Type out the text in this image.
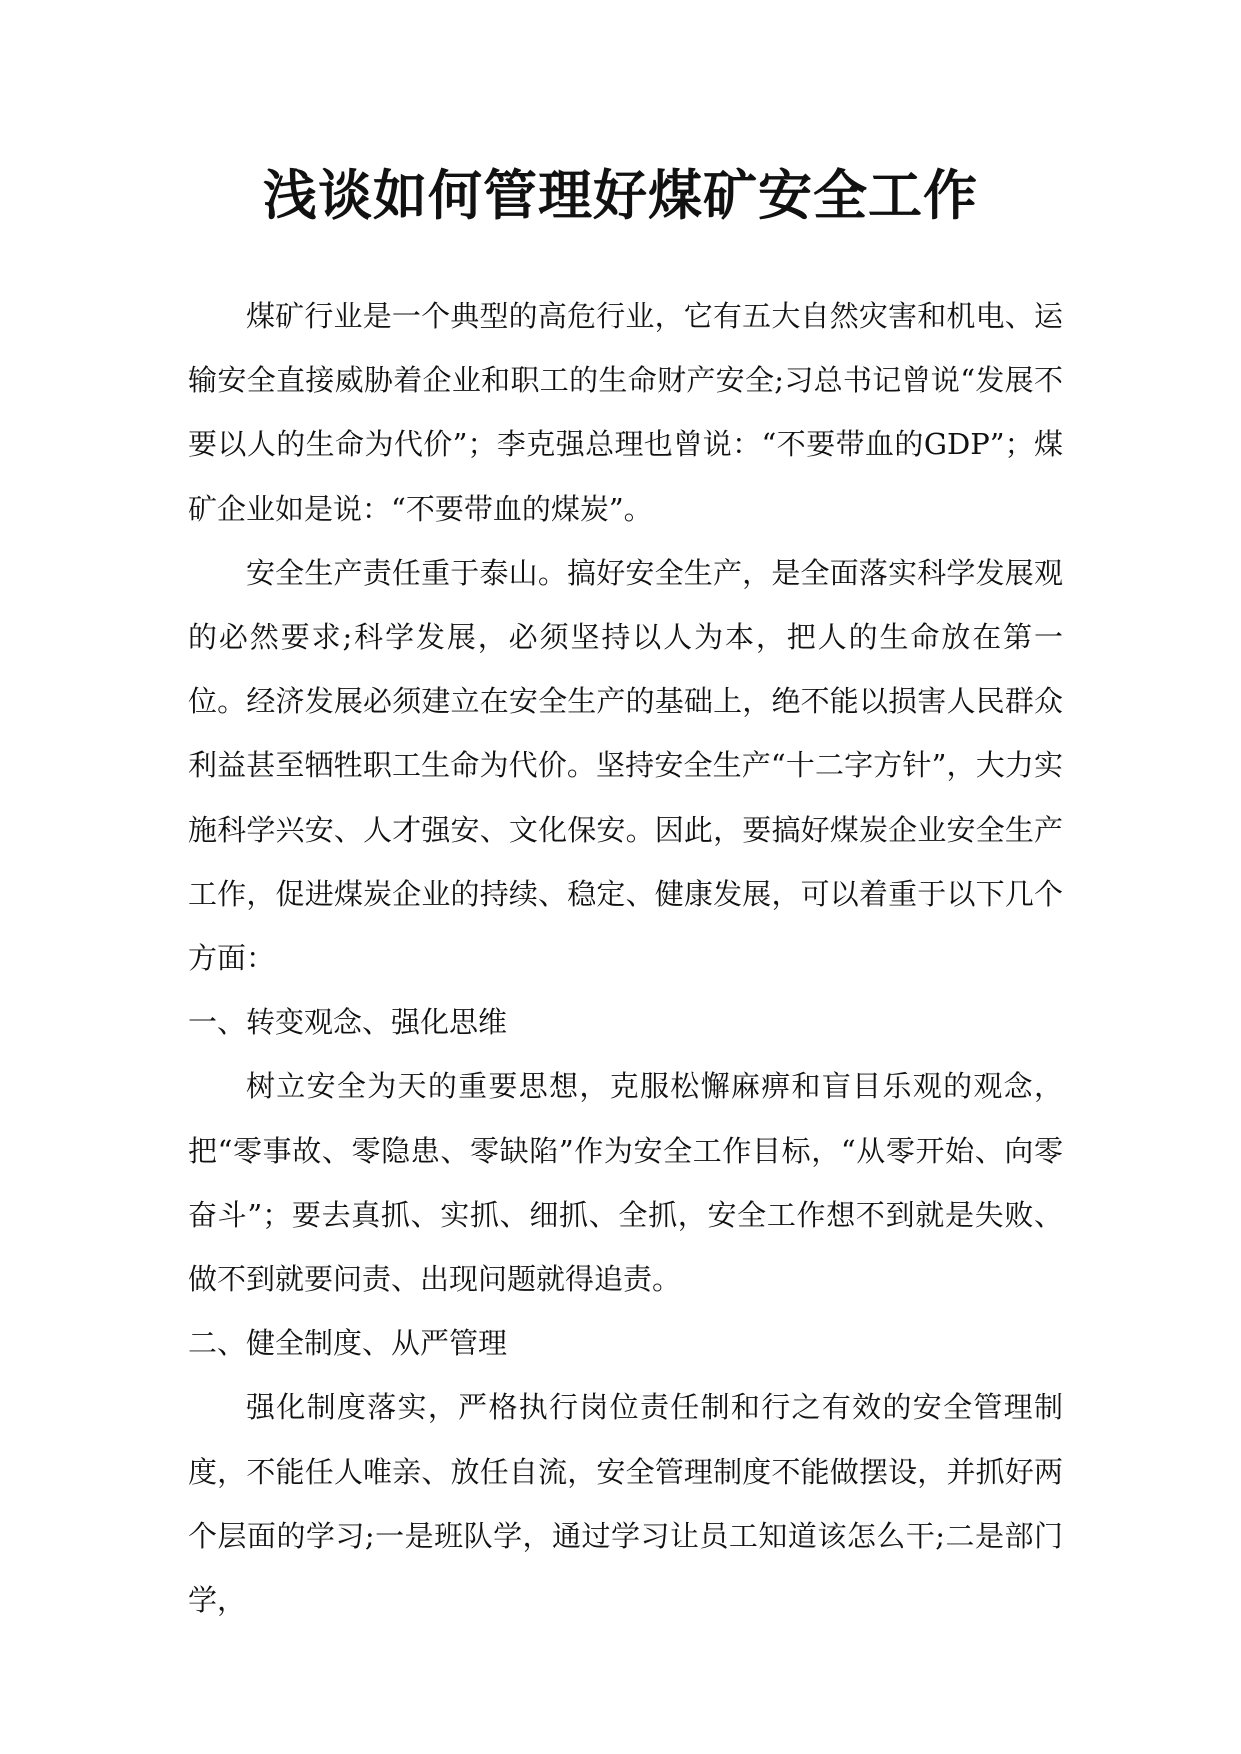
浅谈如何管理好煤矿安全工作

煤矿行业是一个典型的高危行业，它有五大自然灾害和机电、运输安全直接威胁着企业和职工的生命财产安全;习总书记曾说“发展不要以人的生命为代价”；李克强总理也曾说：“不要带血的GDP”；煤矿企业如是说：“不要带血的煤炭”。

安全生产责任重于泰山。搞好安全生产，是全面落实科学发展观的必然要求;科学发展，必须坚持以人为本，把人的生命放在第一位。经济发展必须建立在安全生产的基础上，绝不能以损害人民群众利益甚至牺牲职工生命为代价。坚持安全生产“十二字方针”，大力实施科学兴安、人才强安、文化保安。因此，要搞好煤炭企业安全生产工作，促进煤炭企业的持续、稳定、健康发展，可以着重于以下几个方面：

一、转变观念、强化思维

树立安全为天的重要思想，克服松懈麻痹和盲目乐观的观念，把“零事故、零隐患、零缺陷”作为安全工作目标，“从零开始、向零奋斗”；要去真抓、实抓、细抓、全抓，安全工作想不到就是失败、做不到就要问责、出现问题就得追责。

二、健全制度、从严管理

强化制度落实，严格执行岗位责任制和行之有效的安全管理制度，不能任人唯亲、放任自流，安全管理制度不能做摆设，并抓好两个层面的学习;一是班队学，通过学习让员工知道该怎么干;二是部门学，
